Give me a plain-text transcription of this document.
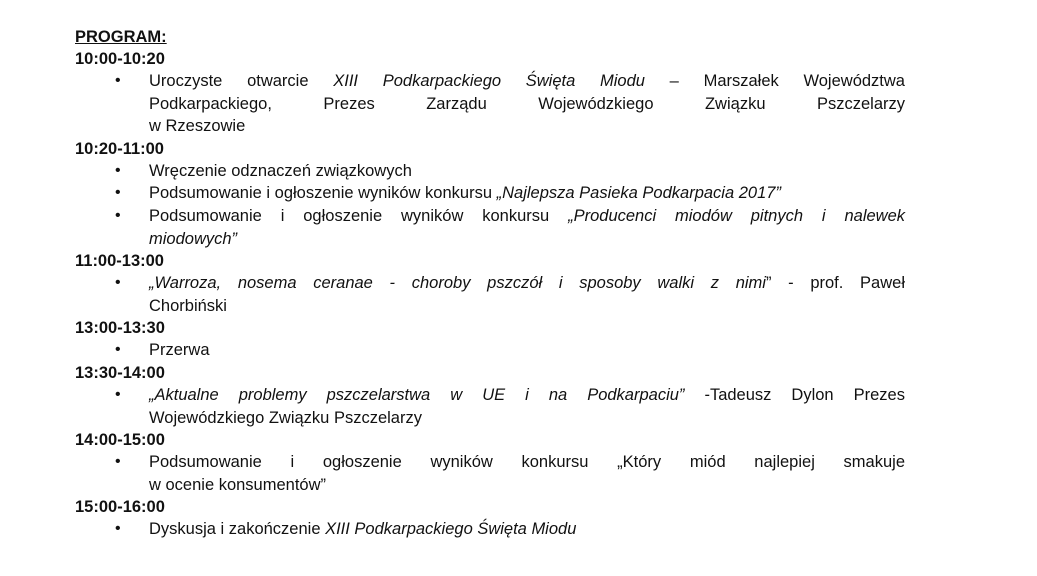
PROGRAM:
10:00-10:20
• Uroczyste otwarcie XIII Podkarpackiego Święta Miodu – Marszałek Województwa
Podkarpackiego, Prezes Zarządu Wojewódzkiego Związku Pszczelarzy
w Rzeszowie
10:20-11:00
• Wręczenie odznaczeń związkowych
• Podsumowanie i ogłoszenie wyników konkursu „Najlepsza Pasieka Podkarpacia 2017”
• Podsumowanie i ogłoszenie wyników konkursu „Producenci miodów pitnych i nalewek
miodowych”
11:00-13:00
• „Warroza, nosema ceranae - choroby pszczół i sposoby walki z nimi” - prof. Paweł
Chorbiński
13:00-13:30
• Przerwa
13:30-14:00
• „Aktualne problemy pszczelarstwa w UE i na Podkarpaciu” -Tadeusz Dylon Prezes
Wojewódzkiego Związku Pszczelarzy
14:00-15:00
• Podsumowanie i ogłoszenie wyników konkursu „Który miód najlepiej smakuje
w ocenie konsumentów”
15:00-16:00
• Dyskusja i zakończenie XIII Podkarpackiego Święta Miodu
